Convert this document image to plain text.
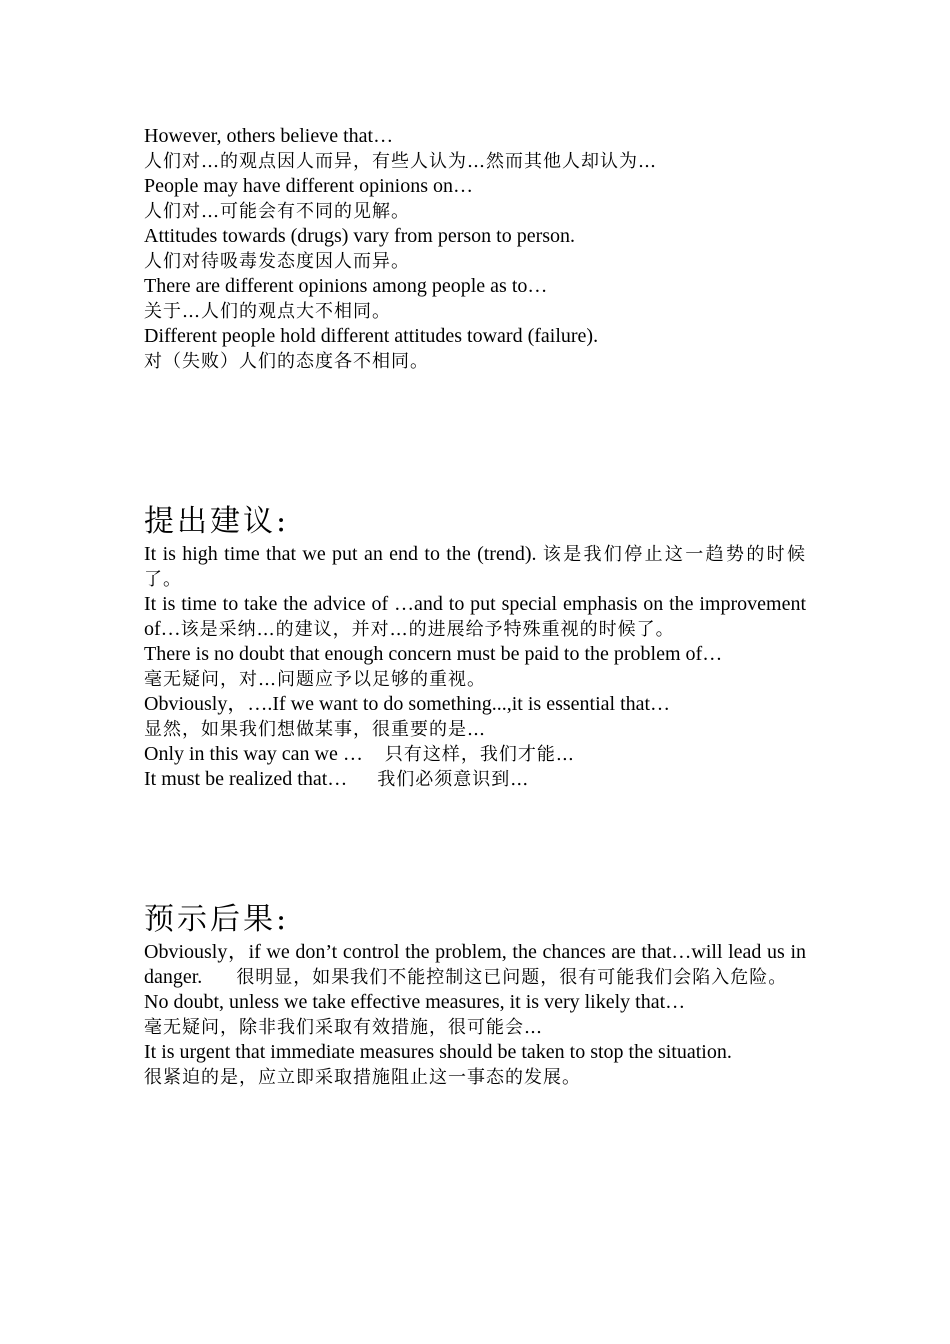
However, others believe that…
人们对…的观点因人而异，有些人认为…然而其他人却认为…
People may have different opinions on…
人们对…可能会有不同的见解。
Attitudes towards (drugs) vary from person to person.
人们对待吸毒发态度因人而异。
There are different opinions among people as to…
关于…人们的观点大不相同。
Different people hold different attitudes toward (failure).
对（失败）人们的态度各不相同。
提出建议:
It is high time that we put an end to the (trend). 该是我们停止这一趋势的时候了。
It is time to take the advice of …and to put special emphasis on the improvement of…该是采纳…的建议，并对…的进展给予特殊重视的时候了。
There is no doubt that enough concern must be paid to the problem of…
毫无疑问，对…问题应予以足够的重视。
Obviously，….If we want to do something...,it is essential that…
显然，如果我们想做某事，很重要的是…
Only in this way can we … 只有这样，我们才能…
It must be realized that… 我们必须意识到…
预示后果:
Obviously，if we don’t control the problem, the chances are that…will lead us in danger. 很明显，如果我们不能控制这已问题，很有可能我们会陷入危险。
No doubt, unless we take effective measures, it is very likely that…
毫无疑问，除非我们采取有效措施，很可能会…
It is urgent that immediate measures should be taken to stop the situation.
很紧迫的是，应立即采取措施阻止这一事态的发展。
